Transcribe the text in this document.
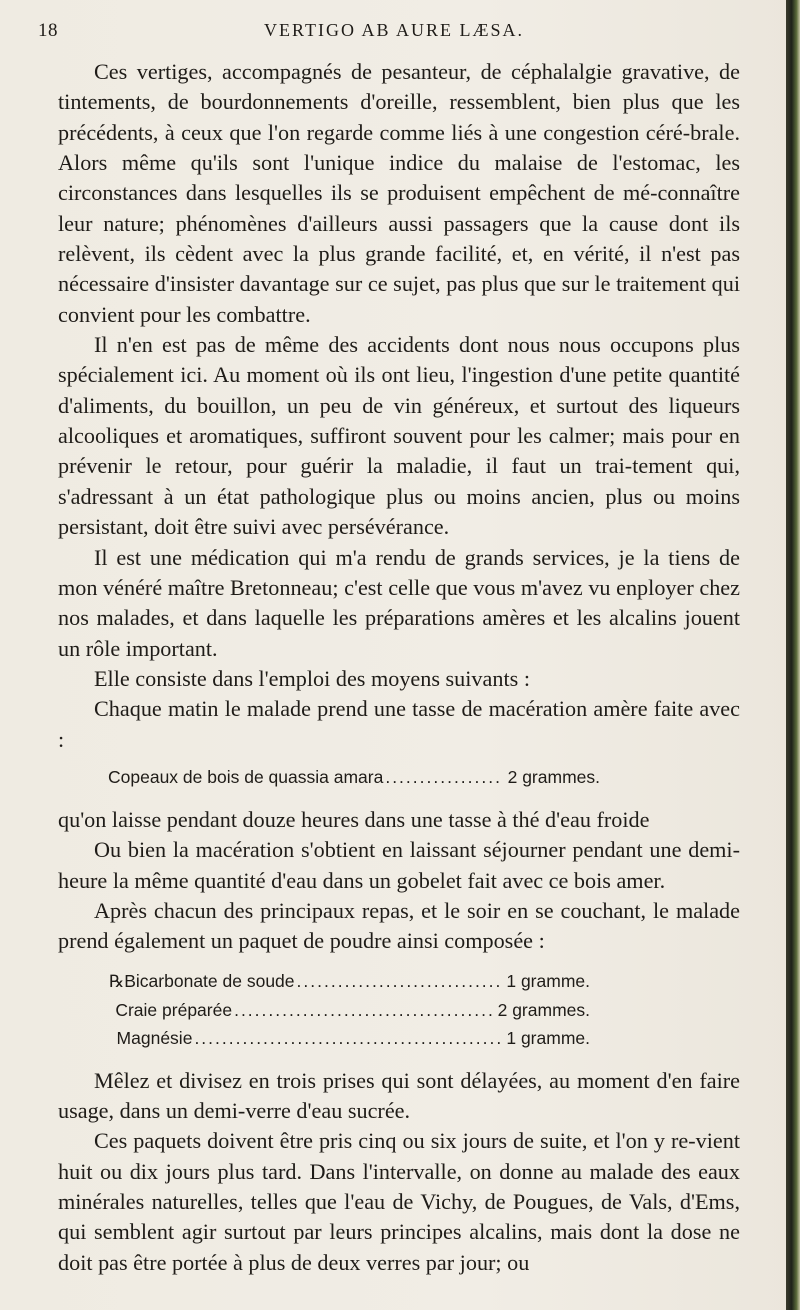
18	VERTIGO AB AURE LÆSA.

Ces vertiges, accompagnés de pesanteur, de céphalalgie gravative, de tintements, de bourdonnements d'oreille, ressemblent, bien plus que les précédents, à ceux que l'on regarde comme liés à une congestion céré-brale. Alors même qu'ils sont l'unique indice du malaise de l'estomac, les circonstances dans lesquelles ils se produisent empêchent de mé-connaître leur nature; phénomènes d'ailleurs aussi passagers que la cause dont ils relèvent, ils cèdent avec la plus grande facilité, et, en vérité, il n'est pas nécessaire d'insister davantage sur ce sujet, pas plus que sur le traitement qui convient pour les combattre.

Il n'en est pas de même des accidents dont nous nous occupons plus spécialement ici. Au moment où ils ont lieu, l'ingestion d'une petite quantité d'aliments, du bouillon, un peu de vin généreux, et surtout des liqueurs alcooliques et aromatiques, suffiront souvent pour les calmer; mais pour en prévenir le retour, pour guérir la maladie, il faut un trai-tement qui, s'adressant à un état pathologique plus ou moins ancien, plus ou moins persistant, doit être suivi avec persévérance.

Il est une médication qui m'a rendu de grands services, je la tiens de mon vénéré maître Bretonneau; c'est celle que vous m'avez vu enployer chez nos malades, et dans laquelle les préparations amères et les alcalins jouent un rôle important.

Elle consiste dans l'emploi des moyens suivants :

Chaque matin le malade prend une tasse de macération amère faite avec :

Copeaux de bois de quassia amara .....	2 grammes.

qu'on laisse pendant douze heures dans une tasse à thé d'eau froide

Ou bien la macération s'obtient en laissant séjourner pendant une demi-heure la même quantité d'eau dans un gobelet fait avec ce bois amer.

Après chacun des principaux repas, et le soir en se couchant, le malade prend également un paquet de poudre ainsi composée :

℞ Bicarbonate de soude .....	1 gramme.
Craie préparée .....	2 grammes.
Magnésie .....	1 gramme.

Mêlez et divisez en trois prises qui sont délayées, au moment d'en faire usage, dans un demi-verre d'eau sucrée.

Ces paquets doivent être pris cinq ou six jours de suite, et l'on y re-vient huit ou dix jours plus tard. Dans l'intervalle, on donne au malade des eaux minérales naturelles, telles que l'eau de Vichy, de Pougues, de Vals, d'Ems, qui semblent agir surtout par leurs principes alcalins, mais dont la dose ne doit pas être portée à plus de deux verres par jour; ou
